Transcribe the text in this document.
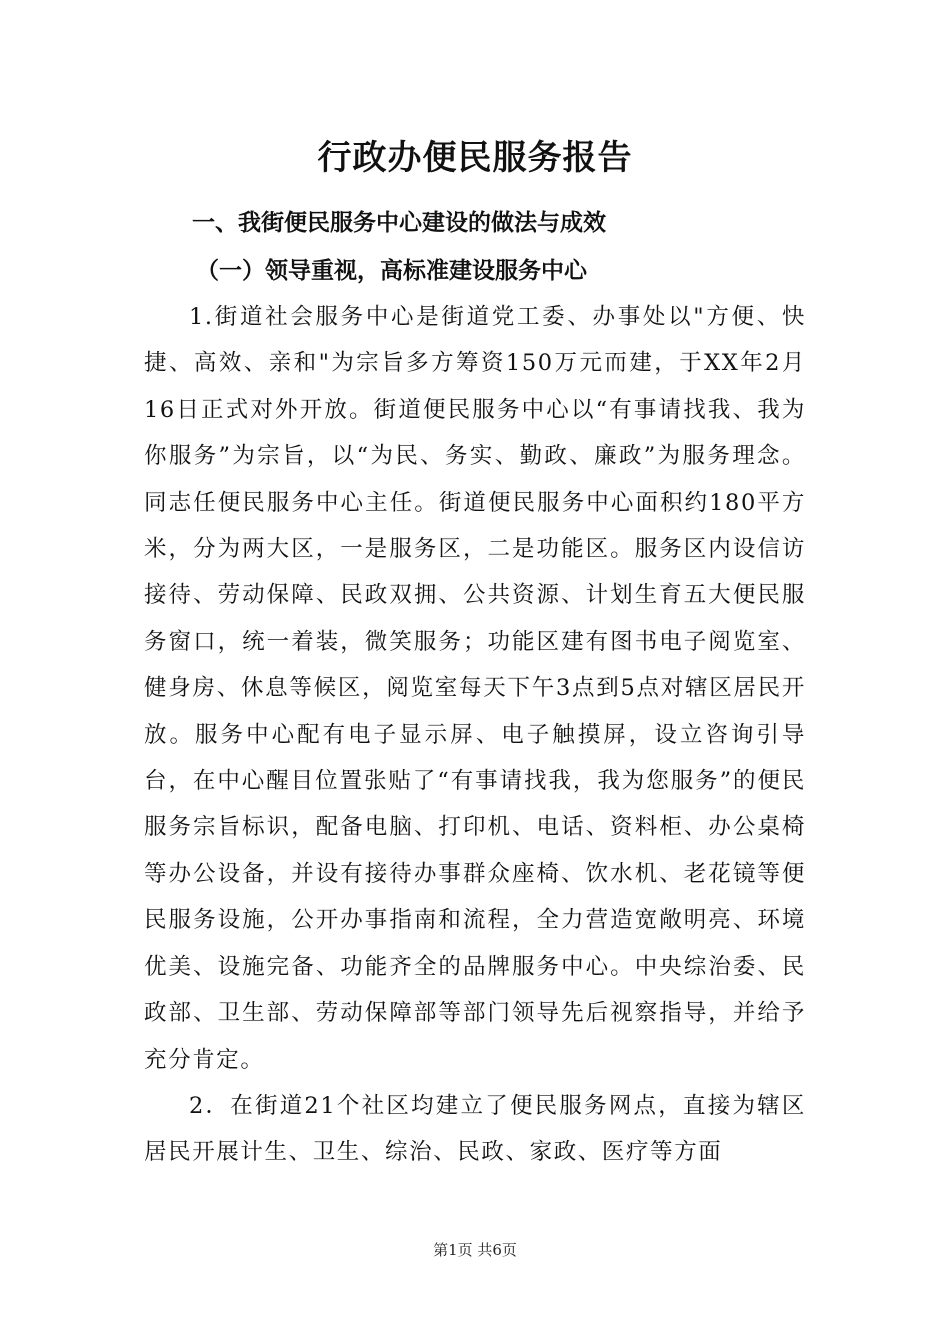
行政办便民服务报告
一、我街便民服务中心建设的做法与成效
（一）领导重视，高标准建设服务中心

1.街道社会服务中心是街道党工委、办事处以"方便、快捷、高效、亲和"为宗旨多方筹资150万元而建，于XX年2月16日正式对外开放。街道便民服务中心以“有事请找我、我为你服务”为宗旨，以“为民、务实、勤政、廉政”为服务理念。同志任便民服务中心主任。街道便民服务中心面积约180平方米，分为两大区，一是服务区，二是功能区。服务区内设信访接待、劳动保障、民政双拥、公共资源、计划生育五大便民服务窗口，统一着装，微笑服务；功能区建有图书电子阅览室、健身房、休息等候区，阅览室每天下午3点到5点对辖区居民开放。服务中心配有电子显示屏、电子触摸屏，设立咨询引导台，在中心醒目位置张贴了“有事请找我，我为您服务”的便民服务宗旨标识，配备电脑、打印机、电话、资料柜、办公桌椅等办公设备，并设有接待办事群众座椅、饮水机、老花镜等便民服务设施，公开办事指南和流程，全力营造宽敞明亮、环境优美、设施完备、功能齐全的品牌服务中心。中央综治委、民政部、卫生部、劳动保障部等部门领导先后视察指导，并给予充分肯定。

2．在街道21个社区均建立了便民服务网点，直接为辖区居民开展计生、卫生、综治、民政、家政、医疗等方面

第1页 共6页
